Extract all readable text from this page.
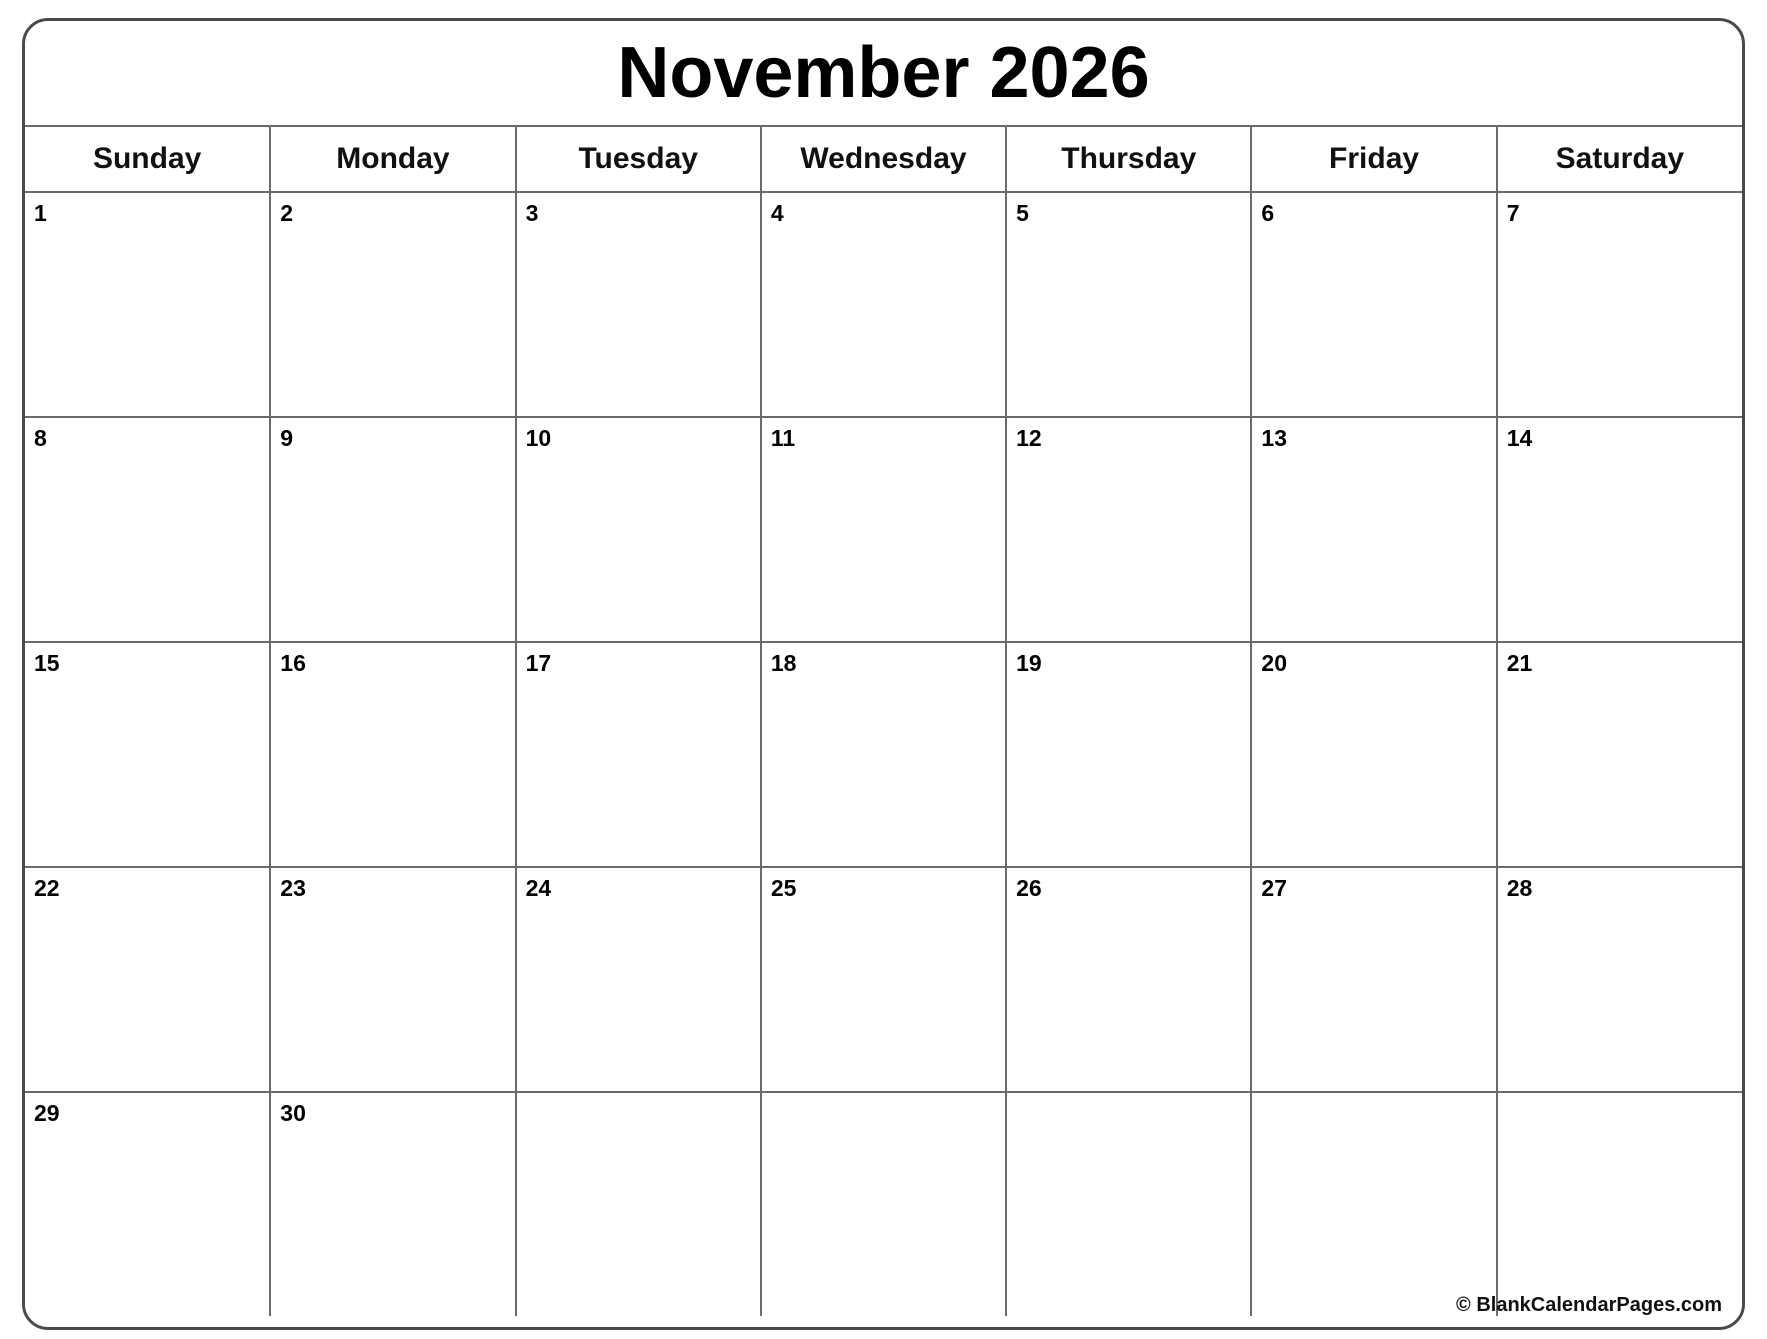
November 2026
Sunday	Monday	Tuesday	Wednesday	Thursday	Friday	Saturday

1	2	3	4	5	6	7

8	9	10	11	12	13	14

15	16	17	18	19	20	21

22	23	24	25	26	27	28

29	30					

© BlankCalendarPages.com
